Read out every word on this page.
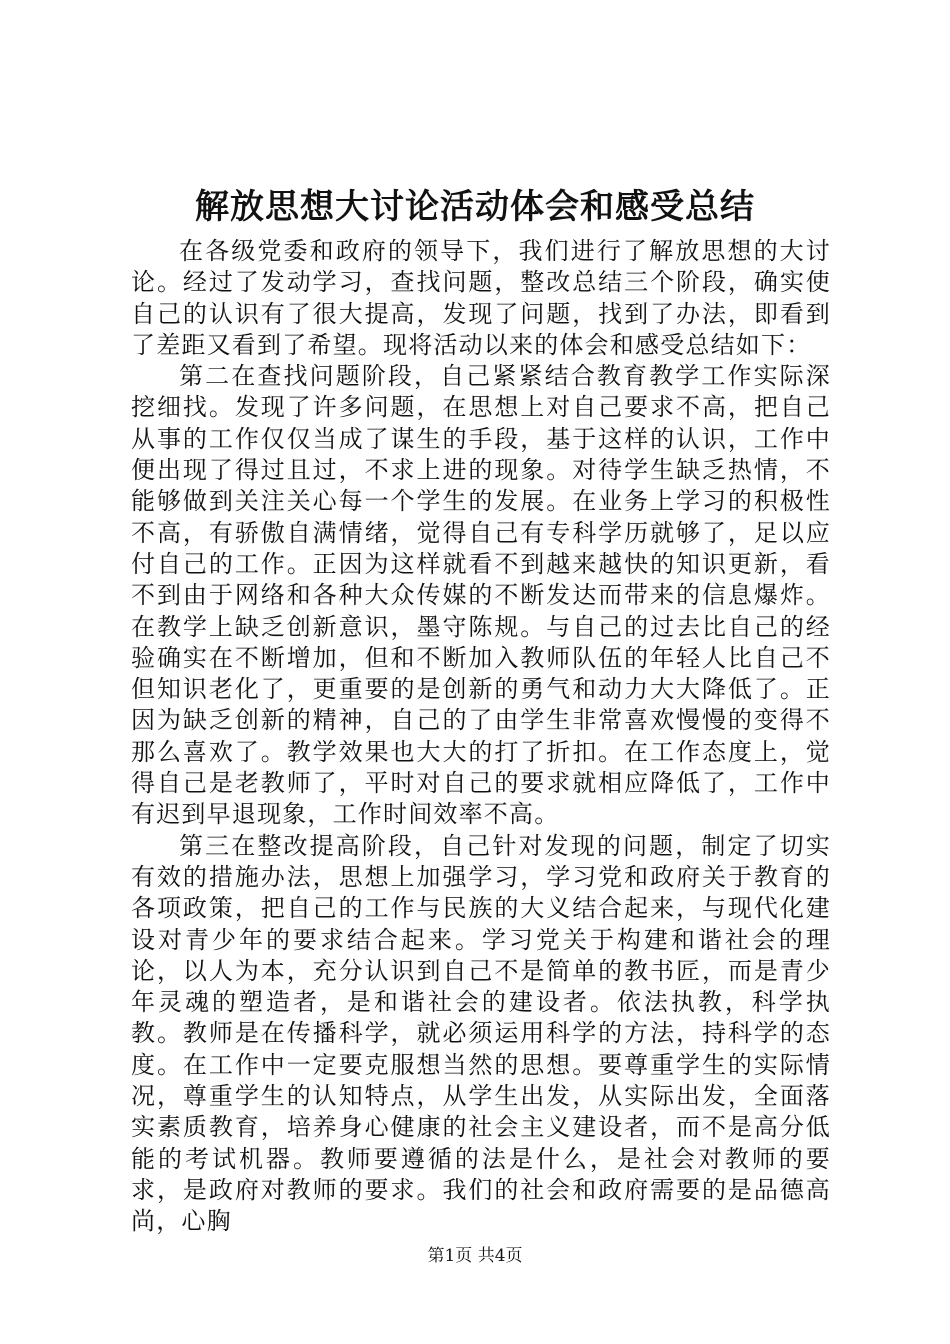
解放思想大讨论活动体会和感受总结

在各级党委和政府的领导下，我们进行了解放思想的大讨论。经过了发动学习，查找问题，整改总结三个阶段，确实使自己的认识有了很大提高，发现了问题，找到了办法，即看到了差距又看到了希望。现将活动以来的体会和感受总结如下：

第二在查找问题阶段，自己紧紧结合教育教学工作实际深挖细找。发现了许多问题，在思想上对自己要求不高，把自己从事的工作仅仅当成了谋生的手段，基于这样的认识，工作中便出现了得过且过，不求上进的现象。对待学生缺乏热情，不能够做到关注关心每一个学生的发展。在业务上学习的积极性不高，有骄傲自满情绪，觉得自己有专科学历就够了，足以应付自己的工作。正因为这样就看不到越来越快的知识更新，看不到由于网络和各种大众传媒的不断发达而带来的信息爆炸。在教学上缺乏创新意识，墨守陈规。与自己的过去比自己的经验确实在不断增加，但和不断加入教师队伍的年轻人比自己不但知识老化了，更重要的是创新的勇气和动力大大降低了。正因为缺乏创新的精神，自己的了由学生非常喜欢慢慢的变得不那么喜欢了。教学效果也大大的打了折扣。在工作态度上，觉得自己是老教师了，平时对自己的要求就相应降低了，工作中有迟到早退现象，工作时间效率不高。

第三在整改提高阶段，自己针对发现的问题，制定了切实有效的措施办法，思想上加强学习，学习党和政府关于教育的各项政策，把自己的工作与民族的大义结合起来，与现代化建设对青少年的要求结合起来。学习党关于构建和谐社会的理论，以人为本，充分认识到自己不是简单的教书匠，而是青少年灵魂的塑造者，是和谐社会的建设者。依法执教，科学执教。教师是在传播科学，就必须运用科学的方法，持科学的态度。在工作中一定要克服想当然的思想。要尊重学生的实际情况，尊重学生的认知特点，从学生出发，从实际出发，全面落实素质教育，培养身心健康的社会主义建设者，而不是高分低能的考试机器。教师要遵循的法是什么，是社会对教师的要求，是政府对教师的要求。我们的社会和政府需要的是品德高尚，心胸

第1页 共4页
